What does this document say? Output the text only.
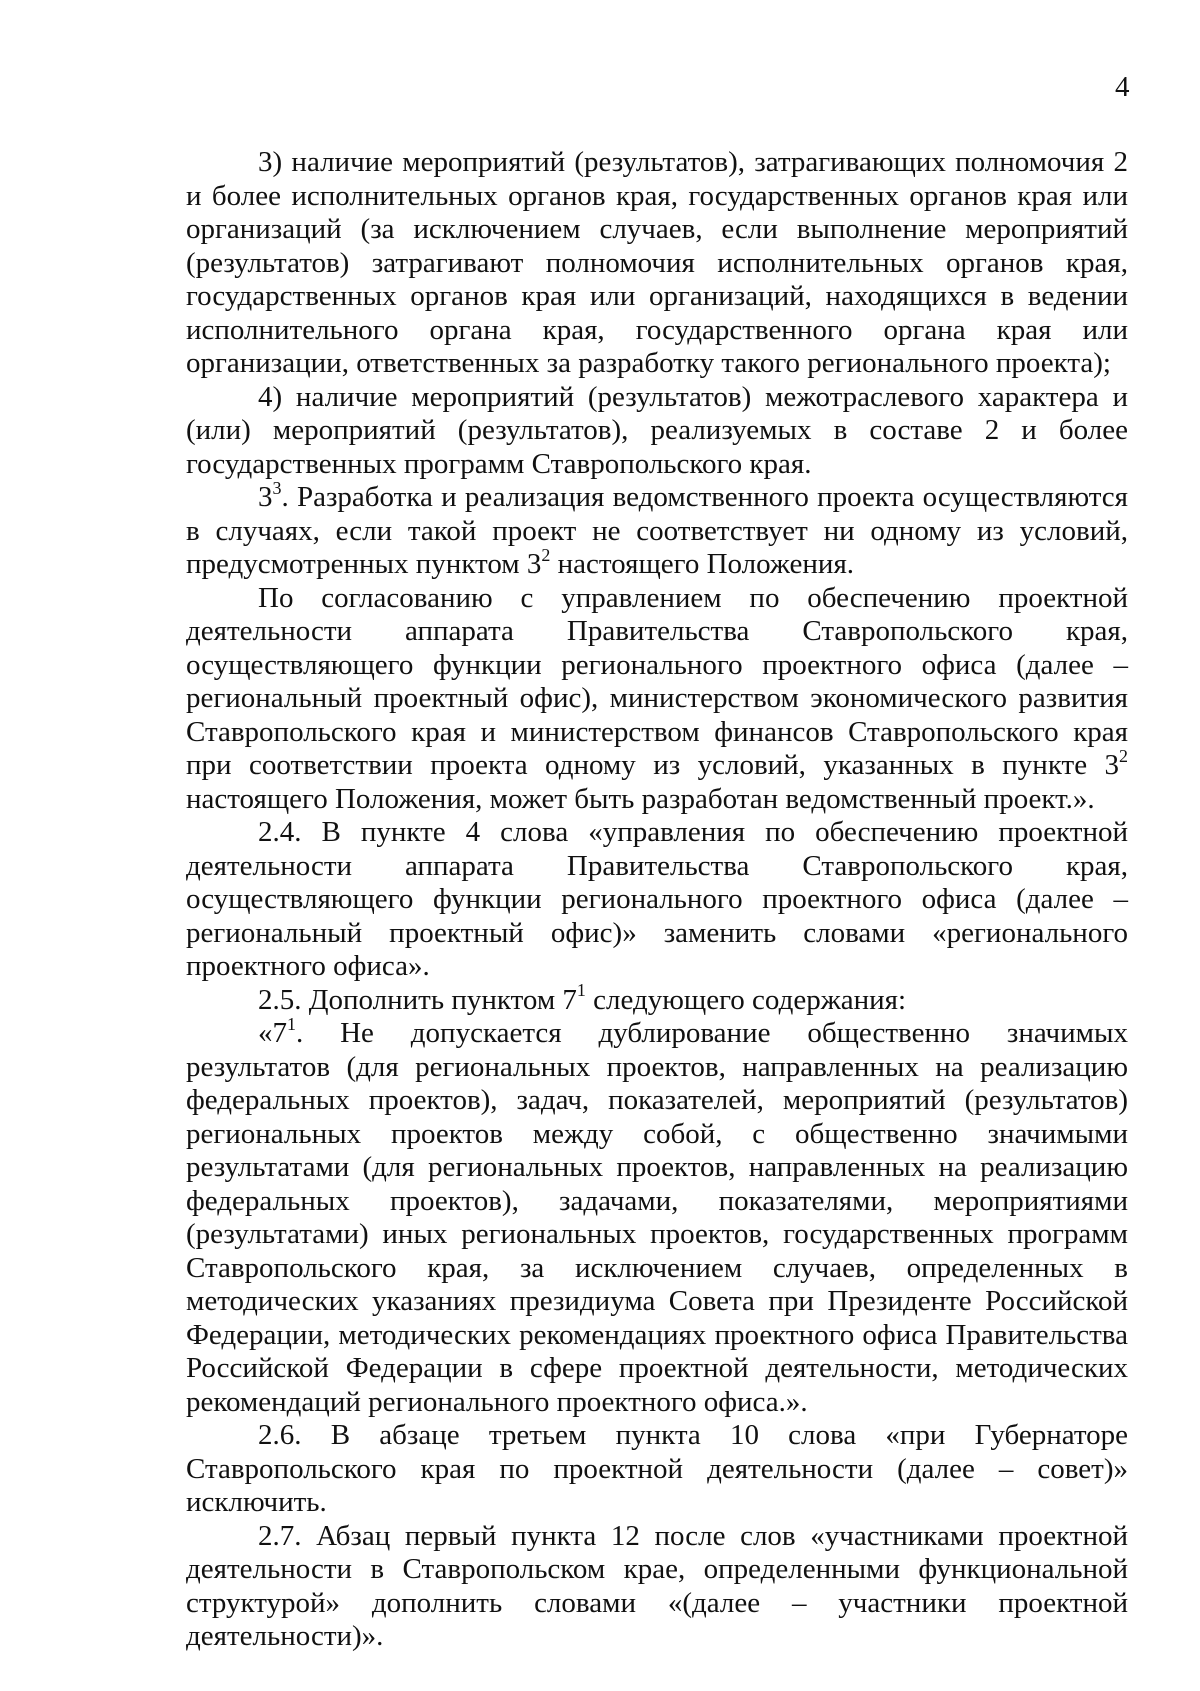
4

3) наличие мероприятий (результатов), затрагивающих полномочия 2 и более исполнительных органов края, государственных органов края или организаций (за исключением случаев, если выполнение мероприятий (результатов) затрагивают полномочия исполнительных органов края, государственных органов края или организаций, находящихся в ведении исполнительного органа края, государственного органа края или организации, ответственных за разработку такого регионального проекта);

4) наличие мероприятий (результатов) межотраслевого характера и (или) мероприятий (результатов), реализуемых в составе 2 и более государственных программ Ставропольского края.

$3^3$. Разработка и реализация ведомственного проекта осуществляются в случаях, если такой проект не соответствует ни одному из условий, предусмотренных пунктом $3^2$ настоящего Положения.

По согласованию с управлением по обеспечению проектной деятельности аппарата Правительства Ставропольского края, осуществляющего функции регионального проектного офиса (далее – региональный проектный офис), министерством экономического развития Ставропольского края и министерством финансов Ставропольского края при соответствии проекта одному из условий, указанных в пункте $3^2$ настоящего Положения, может быть разработан ведомственный проект.».

2.4. В пункте 4 слова «управления по обеспечению проектной деятельности аппарата Правительства Ставропольского края, осуществляющего функции регионального проектного офиса (далее – региональный проектный офис)» заменить словами «регионального проектного офиса».

2.5. Дополнить пунктом $7^1$ следующего содержания:

«$7^1$. Не допускается дублирование общественно значимых результатов (для региональных проектов, направленных на реализацию федеральных проектов), задач, показателей, мероприятий (результатов) региональных проектов между собой, с общественно значимыми результатами (для региональных проектов, направленных на реализацию федеральных проектов), задачами, показателями, мероприятиями (результатами) иных региональных проектов, государственных программ Ставропольского края, за исключением случаев, определенных в методических указаниях президиума Совета при Президенте Российской Федерации, методических рекомендациях проектного офиса Правительства Российской Федерации в сфере проектной деятельности, методических рекомендаций регионального проектного офиса.».

2.6. В абзаце третьем пункта 10 слова «при Губернаторе Ставропольского края по проектной деятельности (далее – совет)» исключить.

2.7. Абзац первый пункта 12 после слов «участниками проектной деятельности в Ставропольском крае, определенными функциональной структурой» дополнить словами «(далее – участники проектной деятельности)».
